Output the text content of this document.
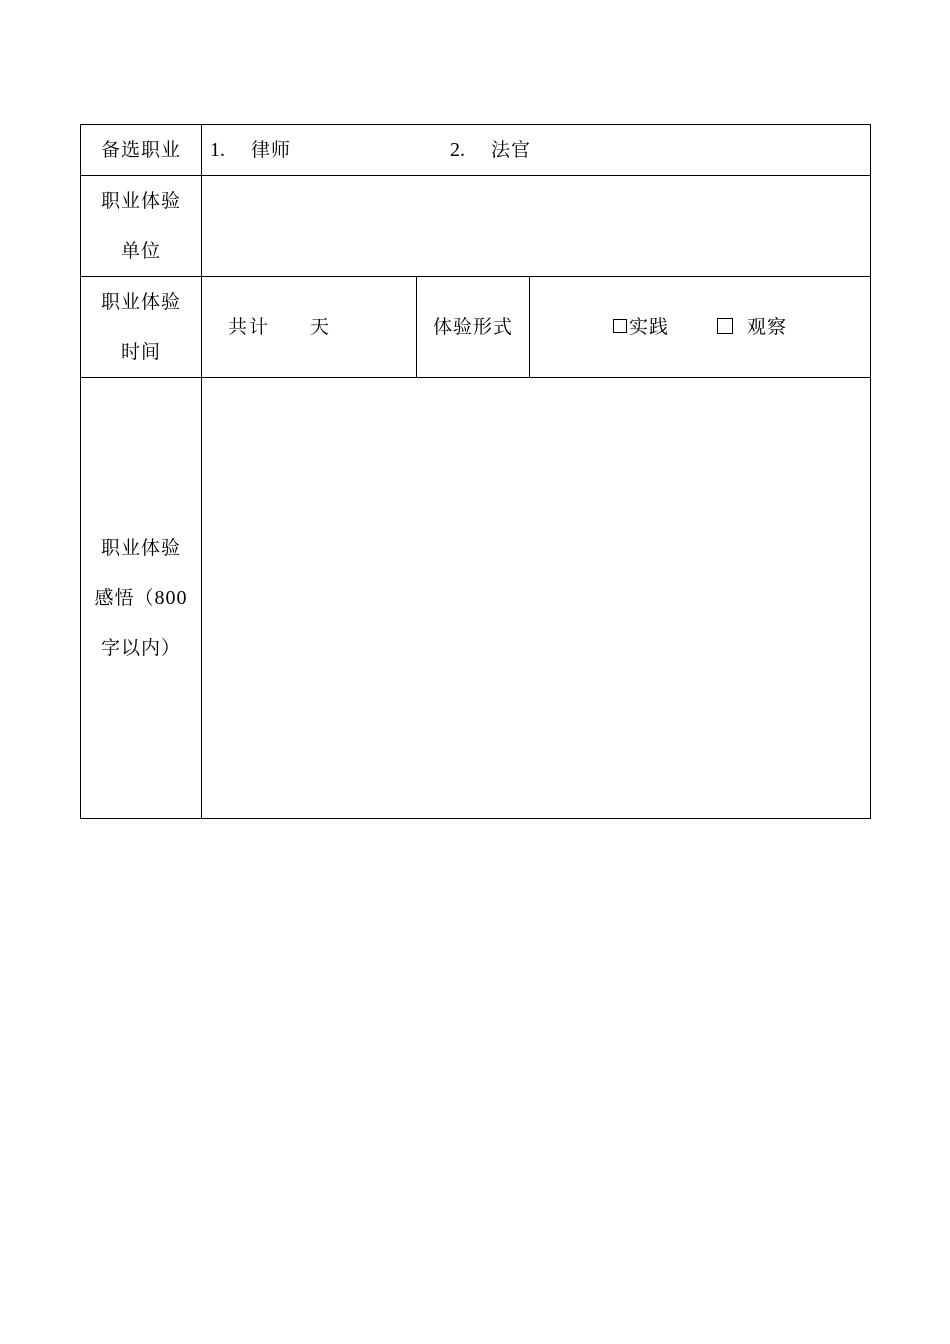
备选职业	1. 律师 2. 法官		

职业体验
单位			

职业体验
时间	共计 天	体验形式	实践 观察

职业体验
感悟（800
字以内）			
